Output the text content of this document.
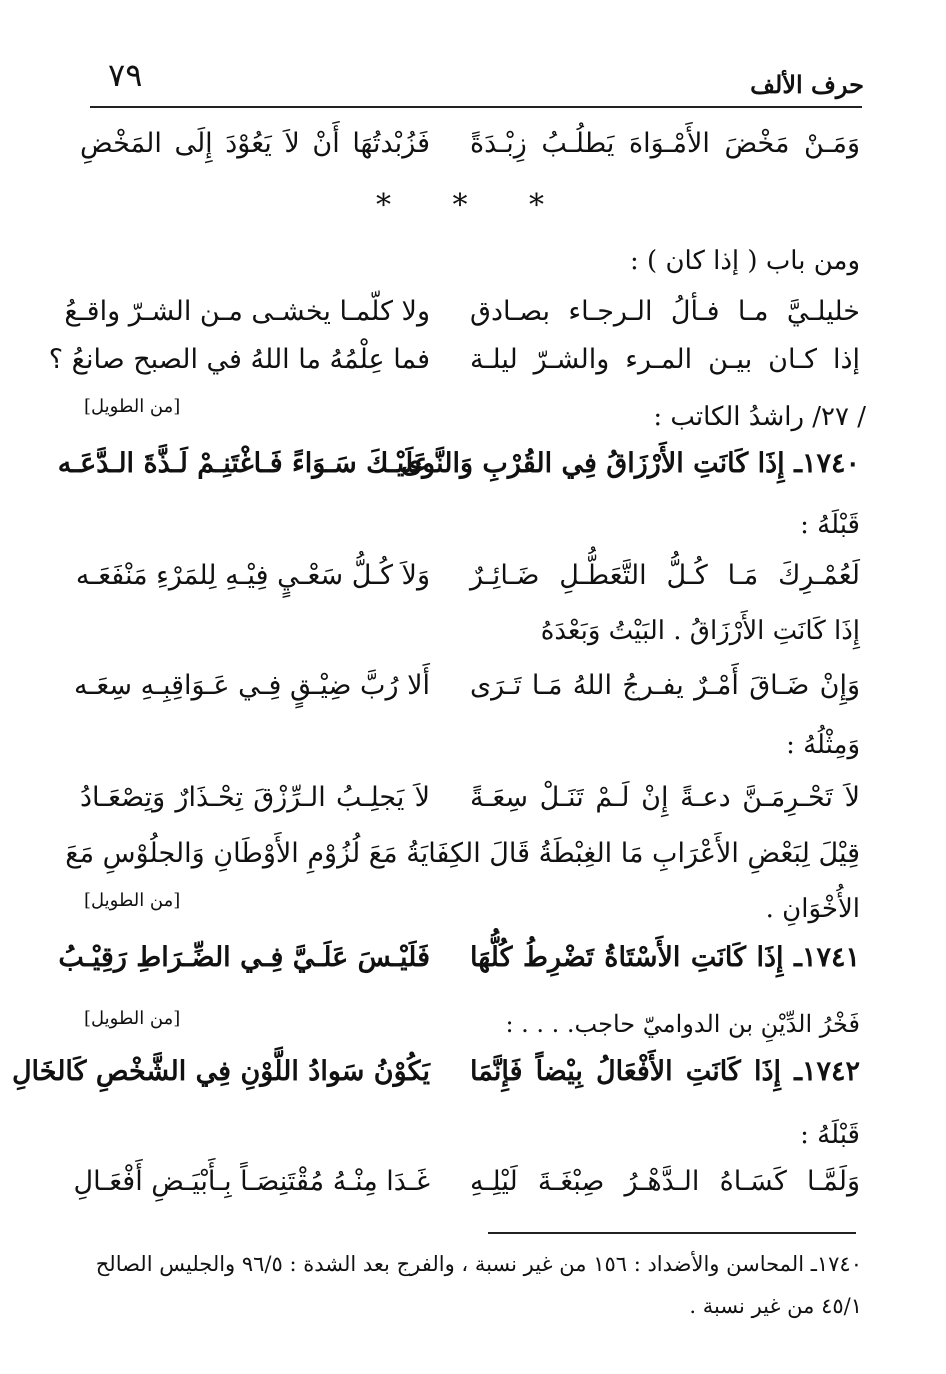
٧٩	حرف الألف
وَمَـنْ مَخْضَ الأَمْـوَاهَ يَطلُـبُ زِبْـدَةً
فَزُبْدتُهَا أَنْ لاَ يَعُوْدَ إِلَى المَخْضِ
* * *
ومن باب ( إذا كان ) :
خليلـيَّ مـا فـألُ الـرجـاء بصـادق
ولا كلّمـا يخشـى مـن الشـرّ واقـعُ
إذا كـان بيـن المـرء والشـرّ ليلـة
فما عِلْمُهُ ما اللهُ في الصبح صانعُ ؟
/ ٢٧/ راشدُ الكاتب :
[من الطويل]
١٧٤٠ـ إِذَا كَانَتِ الأَرْزَاقُ فِي القُرْبِ وَالنَّوى
عَلَيْـكَ سَـوَاءً فَـاغْتَنِـمْ لَـذَّةَ الـدَّعَـه
قَبْلَهُ :
لَعُمْـرِكَ مَـا كُـلُّ التَّعَطُّـلِ ضَـائِـرٌ
وَلاَ كُـلُّ سَعْـيٍ فِيْـهِ لِلمَرْءِ مَنْفَعَـه
إِذَا كَانَتِ الأَرْزَاقُ . البَيْتُ وَبَعْدَهُ
وَإِنْ ضَـاقَ أَمْـرٌ يفـرجُ اللهُ مَـا تَـرَى
أَلا رُبَّ ضِيْـقٍ فِـي عَـوَاقِبِـهِ سِعَـه
وَمِثْلُهُ :
لاَ تَحْـرِمَـنَّ دعـةً إِنْ لَـمْ تَنَـلْ سِعَـةً
لاَ يَجلِـبُ الـرِّزْقَ تِحْـذَارٌ وَتِصْعَـادُ
قِيْلَ لِبَعْضِ الأَعْرَابِ مَا الغِبْطَةُ قَالَ الكِفَايَةُ مَعَ لُزُوْمِ الأَوْطَانِ وَالجلُوْسِ مَعَ
الأُخْوَانِ .
[من الطويل]
١٧٤١ـ إِذَا كَانَتِ الأَسْتَاةُ تَضْرِطُ كُلُّهَا
فَلَيْـسَ عَلَـيَّ فِـي الضِّـرَاطِ رَقِيْـبُ
فَخْرُ الدِّيْنِ بن الدواميّ حاجب. . . . :
[من الطويل]
١٧٤٢ـ إِذَا كَانَتِ الأَفْعَالُ بِيْضاً فَإِنَّمَا
يَكُوْنُ سَوادُ اللَّوْنِ فِي الشَّخْصِ كَالخَالِ
قَبْلَهُ :
وَلَمَّـا كَسَـاهُ الـدَّهْـرُ صِبْغَـةَ لَيْلِـهِ
غَـدَا مِنْـهُ مُقْتَنِصَـاً بِـأَبْيَـضِ أَفْعَـالِ
١٧٤٠ـ المحاسن والأضداد : ١٥٦ من غير نسبة ، والفرج بعد الشدة : ٩٦/٥ والجليس الصالح
٤٥/١ من غير نسبة .
